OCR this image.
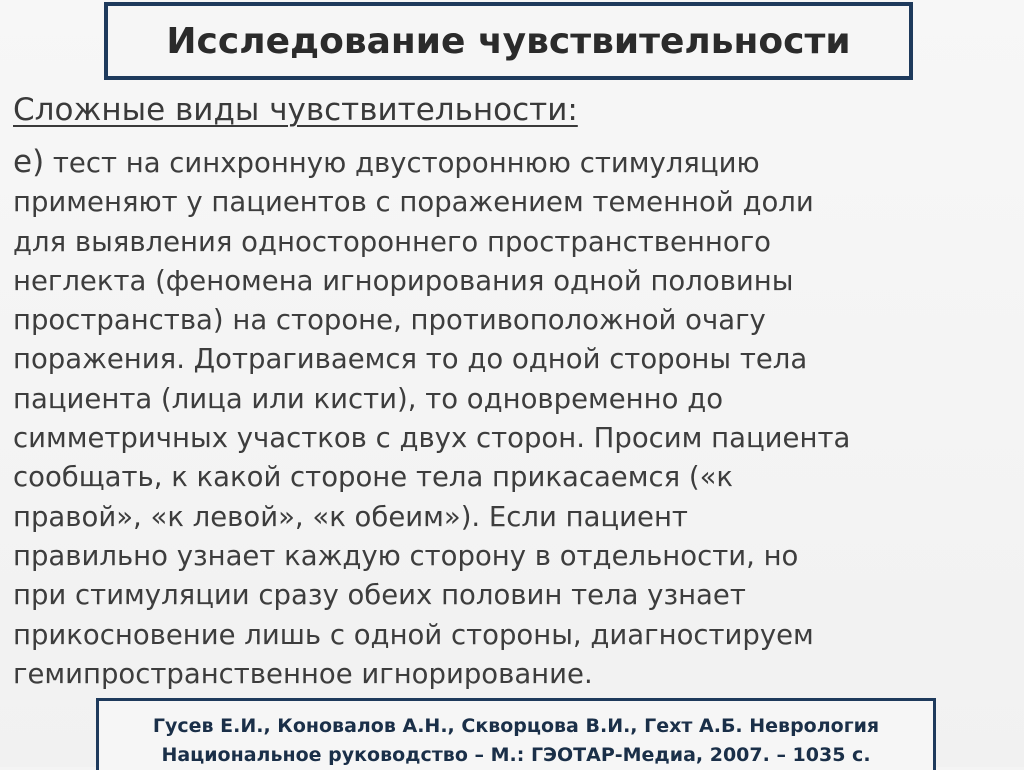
Исследование чувствительности
Сложные виды чувствительности:
е) тест на синхронную двустороннюю стимуляцию
применяют у пациентов с поражением теменной доли
для выявления одностороннего пространственного
неглекта (феномена игнорирования одной половины
пространства) на стороне, противоположной очагу
поражения. Дотрагиваемся то до одной стороны тела
пациента (лица или кисти), то одновременно до
симметричных участков с двух сторон. Просим пациента
сообщать, к какой стороне тела прикасаемся («к
правой», «к левой», «к обеим»). Если пациент
правильно узнает каждую сторону в отдельности, но
при стимуляции сразу обеих половин тела узнает
прикосновение лишь с одной стороны, диагностируем
гемипространственное игнорирование.
Гусев Е.И., Коновалов А.Н., Скворцова В.И., Гехт А.Б. Неврология
Национальное руководство – М.: ГЭОТАР-Медиа, 2007. – 1035 с.
